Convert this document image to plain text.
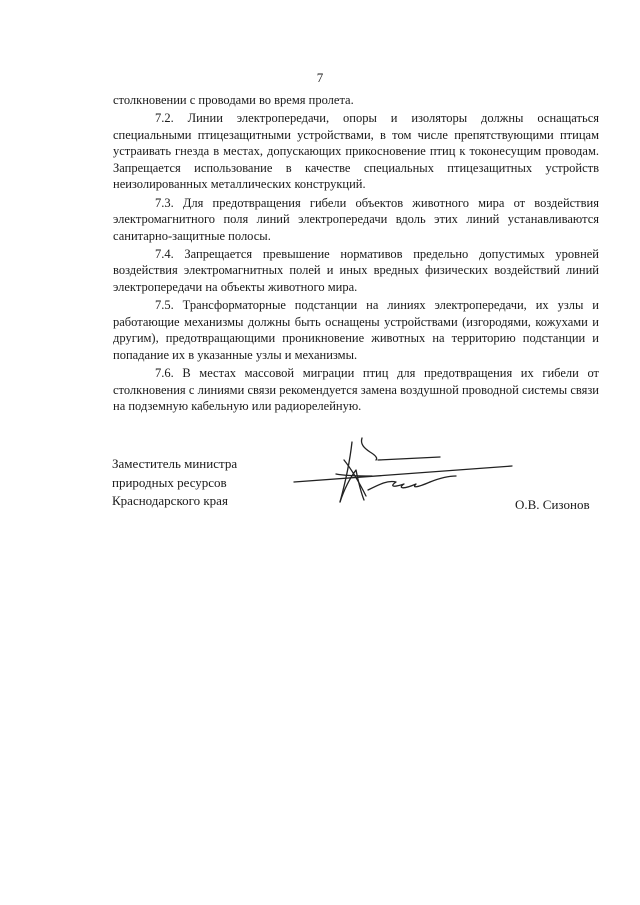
7

столкновении с проводами во время пролета.

7.2. Линии электропередачи, опоры и изоляторы должны оснащаться специальными птицезащитными устройствами, в том числе препятствующими птицам устраивать гнезда в местах, допускающих прикосновение птиц к токонесущим проводам. Запрещается использование в качестве специальных птицезащитных устройств неизолированных металлических конструкций.

7.3. Для предотвращения гибели объектов животного мира от воздействия электромагнитного поля линий электропередачи вдоль этих линий устанавливаются санитарно-защитные полосы.

7.4. Запрещается превышение нормативов предельно допустимых уровней воздействия электромагнитных полей и иных вредных физических воздействий линий электропередачи на объекты животного мира.

7.5. Трансформаторные подстанции на линиях электропередачи, их узлы и работающие механизмы должны быть оснащены устройствами (изгородями, кожухами и другим), предотвращающими проникновение животных на территорию подстанции и попадание их в указанные узлы и механизмы.

7.6. В местах массовой миграции птиц для предотвращения их гибели от столкновения с линиями связи рекомендуется замена воздушной проводной системы связи на подземную кабельную или радиорелейную.

Заместитель министра
природных ресурсов
Краснодарского края	О.В. Сизонов
